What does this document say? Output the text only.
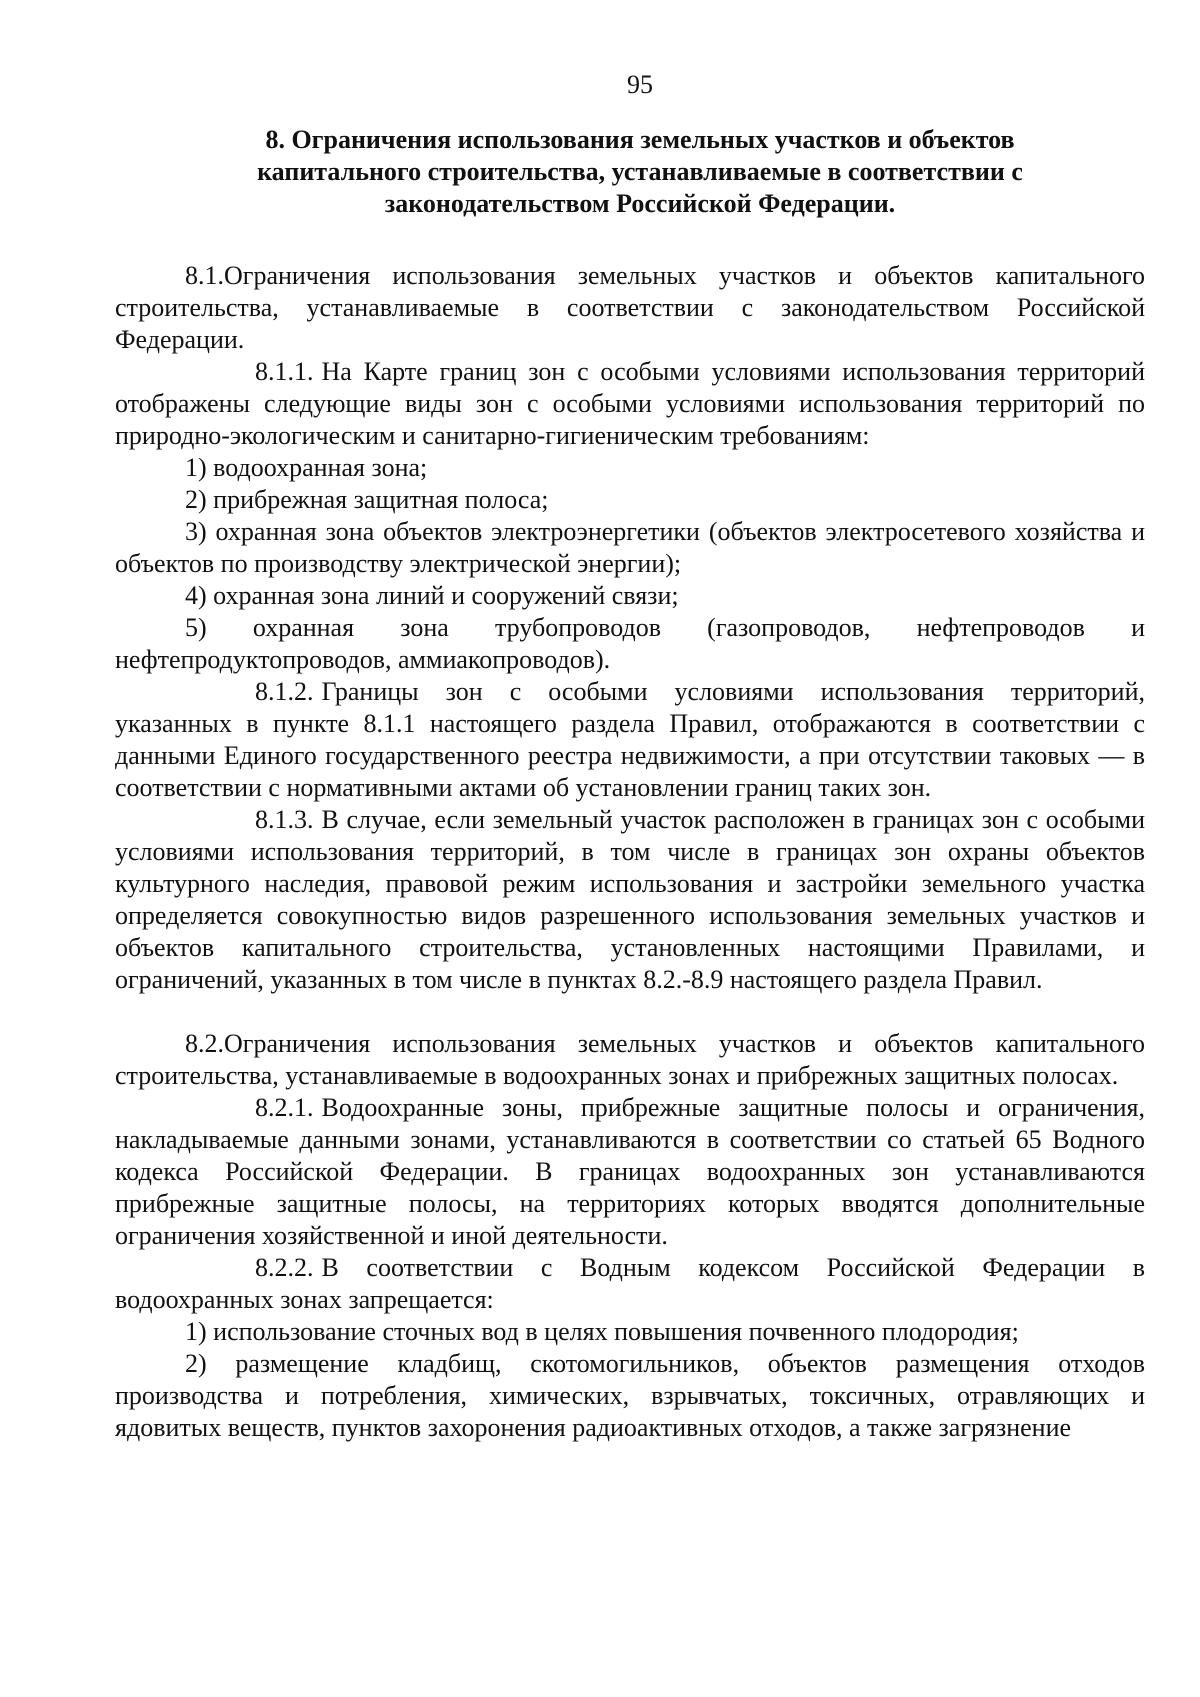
95
8. Ограничения использования земельных участков и объектов капитального строительства, устанавливаемые в соответствии с законодательством Российской Федерации.

8.1.Ограничения использования земельных участков и объектов капитального строительства, устанавливаемые в соответствии с законодательством Российской Федерации.

8.1.1. На Карте границ зон с особыми условиями использования территорий отображены следующие виды зон с особыми условиями использования территорий по природно-экологическим и санитарно-гигиеническим требованиям:

1) водоохранная зона;

2) прибрежная защитная полоса;

3) охранная зона объектов электроэнергетики (объектов электросетевого хозяйства и объектов по производству электрической энергии);

4) охранная зона линий и сооружений связи;

5) охранная зона трубопроводов (газопроводов, нефтепроводов и нефтепродуктопроводов, аммиакопроводов).

8.1.2. Границы зон с особыми условиями использования территорий, указанных в пункте 8.1.1 настоящего раздела Правил, отображаются в соответствии с данными Единого государственного реестра недвижимости, а при отсутствии таковых — в соответствии с нормативными актами об установлении границ таких зон.

8.1.3. В случае, если земельный участок расположен в границах зон с особыми условиями использования территорий, в том числе в границах зон охраны объектов культурного наследия, правовой режим использования и застройки земельного участка определяется совокупностью видов разрешенного использования земельных участков и объектов капитального строительства, установленных настоящими Правилами, и ограничений, указанных в том числе в пунктах 8.2.-8.9 настоящего раздела Правил.

8.2.Ограничения использования земельных участков и объектов капитального строительства, устанавливаемые в водоохранных зонах и прибрежных защитных полосах.

8.2.1. Водоохранные зоны, прибрежные защитные полосы и ограничения, накладываемые данными зонами, устанавливаются в соответствии со статьей 65 Водного кодекса Российской Федерации. В границах водоохранных зон устанавливаются прибрежные защитные полосы, на территориях которых вводятся дополнительные ограничения хозяйственной и иной деятельности.

8.2.2. В соответствии с Водным кодексом Российской Федерации в водоохранных зонах запрещается:

1) использование сточных вод в целях повышения почвенного плодородия;

2) размещение кладбищ, скотомогильников, объектов размещения отходов производства и потребления, химических, взрывчатых, токсичных, отравляющих и ядовитых веществ, пунктов захоронения радиоактивных отходов, а также загрязнение
